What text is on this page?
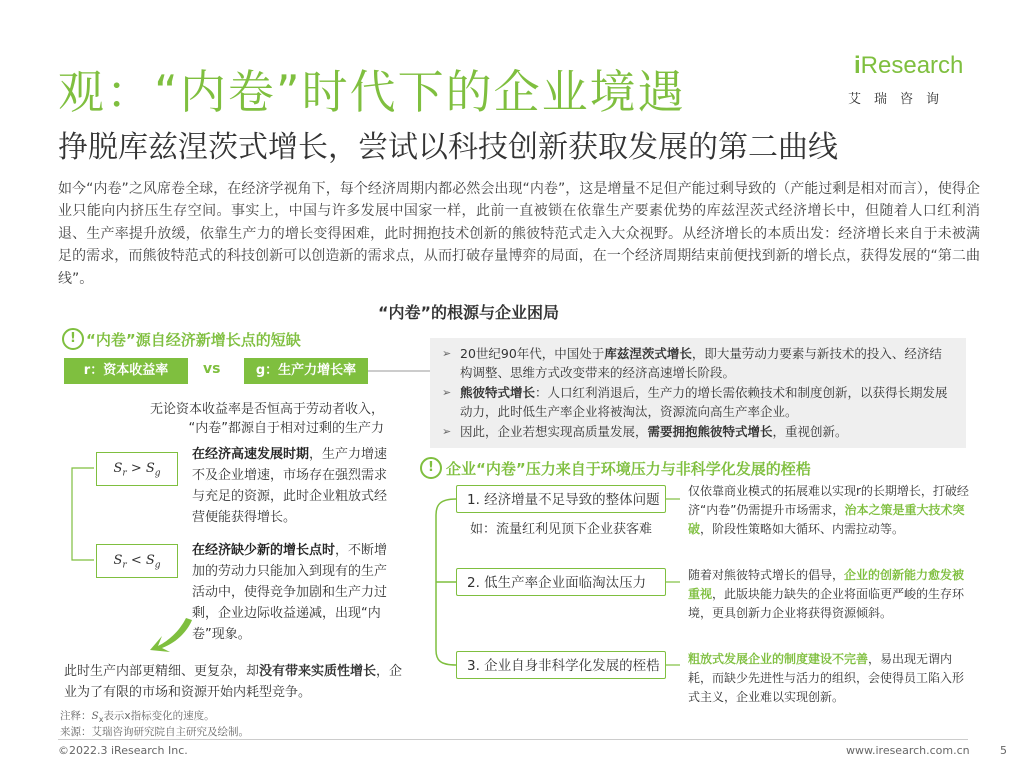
观：“内卷”时代下的企业境遇
挣脱库兹涅茨式增长，尝试以科技创新获取发展的第二曲线
iResearch
艾瑞咨询
如今“内卷”之风席卷全球，在经济学视角下，每个经济周期内都必然会出现“内卷”，这是增量不足但产能过剩导致的（产能过剩是相对而言），使得企业只能向内挤压生存空间。事实上，中国与许多发展中国家一样，此前一直被锁在依靠生产要素优势的库兹涅茨式经济增长中，但随着人口红利消退、生产率提升放缓，依靠生产力的增长变得困难，此时拥抱技术创新的熊彼特范式走入大众视野。从经济增长的本质出发：经济增长来自于未被满足的需求，而熊彼特范式的科技创新可以创造新的需求点，从而打破存量博弈的局面，在一个经济周期结束前便找到新的增长点，获得发展的“第二曲线”。
“内卷”的根源与企业困局
! “内卷”源自经济新增长点的短缺
r：资本收益率	vs	g：生产力增长率
无论资本收益率是否恒高于劳动者收入，
“内卷”都源自于相对过剩的生产力
$S_r > S_g$
$S_r < S_g$
在经济高速发展时期，生产力增速不及企业增速，市场存在强烈需求与充足的资源，此时企业粗放式经营便能获得增长。
在经济缺少新的增长点时，不断增加的劳动力只能加入到现有的生产活动中，使得竞争加剧和生产力过剩，企业边际收益递减，出现“内卷”现象。
此时生产内部更精细、更复杂，却没有带来实质性增长，企业为了有限的市场和资源开始内耗型竞争。
➢ 20世纪90年代，中国处于库兹涅茨式增长，即大量劳动力要素与新技术的投入、经济结构调整、思维方式改变带来的经济高速增长阶段。
➢ 熊彼特式增长：人口红利消退后，生产力的增长需依赖技术和制度创新，以获得长期发展动力，此时低生产率企业将被淘汰，资源流向高生产率企业。
➢ 因此，企业若想实现高质量发展，需要拥抱熊彼特式增长，重视创新。
! 企业“内卷”压力来自于环境压力与非科学化发展的桎梏
1. 经济增量不足导致的整体问题
如：流量红利见顶下企业获客难
2. 低生产率企业面临淘汰压力
3. 企业自身非科学化发展的桎梏
仅依靠商业模式的拓展难以实现r的长期增长，打破经济“内卷”仍需提升市场需求，治本之策是重大技术突破，阶段性策略如大循环、内需拉动等。
随着对熊彼特式增长的倡导，企业的创新能力愈发被重视，此版块能力缺失的企业将面临更严峻的生存环境，更具创新力企业将获得资源倾斜。
粗放式发展企业的制度建设不完善，易出现无谓内耗，而缺少先进性与活力的组织，会使得员工陷入形式主义，企业难以实现创新。
注释：$S_x$表示x指标变化的速度。
来源：艾瑞咨询研究院自主研究及绘制。
©2022.3 iResearch Inc.	www.iresearch.com.cn	5
